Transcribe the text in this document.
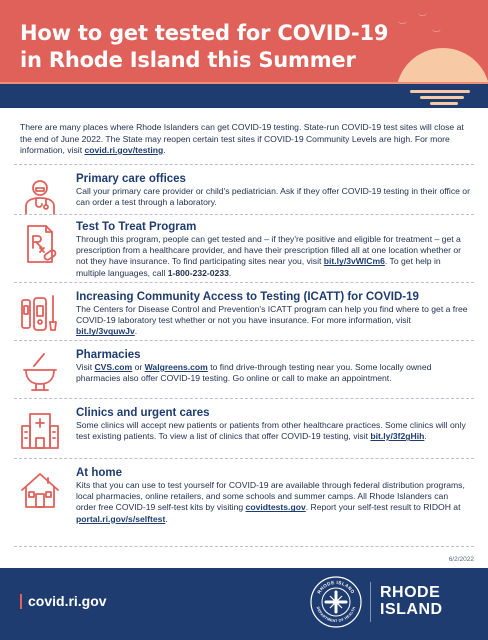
︶
︶
︶
How to get tested for COVID-19
in Rhode Island this Summer

There are many places where Rhode Islanders can get COVID-19 testing. State-run COVID-19 test sites will close at the end of June 2022. The State may reopen certain test sites if COVID-19 Community Levels are high. For more information, visit covid.ri.gov/testing.

Primary care offices

Call your primary care provider or child's pediatrician. Ask if they offer COVID-19 testing in their office or can order a test through a laboratory.

Test To Treat Program

Through this program, people can get tested and – if they're positive and eligible for treatment – get a prescription from a healthcare provider, and have their prescription filled all at one location whether or not they have insurance. To find participating sites near you, visit bit.ly/3vWlCm6. To get help in multiple languages, call 1-800-232-0233.

Increasing Community Access to Testing (ICATT) for COVID-19

The Centers for Disease Control and Prevention's ICATT program can help you find where to get a free COVID-19 laboratory test whether or not you have insurance. For more information, visit bit.ly/3vquwJv.

Pharmacies

Visit CVS.com or Walgreens.com to find drive-through testing near you. Some locally owned pharmacies also offer COVID-19 testing. Go online or call to make an appointment.

Clinics and urgent cares

Some clinics will accept new patients or patients from other healthcare practices. Some clinics will only test existing patients. To view a list of clinics that offer COVID-19 testing, visit bit.ly/3f2gHih.

At home

Kits that you can use to test yourself for COVID-19 are available through federal distribution programs, local pharmacies, online retailers, and some schools and summer camps. All Rhode Islanders can order free COVID-19 self-test kits by visiting covidtests.gov. Report your self-test result to RIDOH at portal.ri.gov/s/selftest.

6/2/2022
covid.ri.gov
RHODE ISLAND
DEPARTMENT OF HEALTH
RHODE
ISLAND
